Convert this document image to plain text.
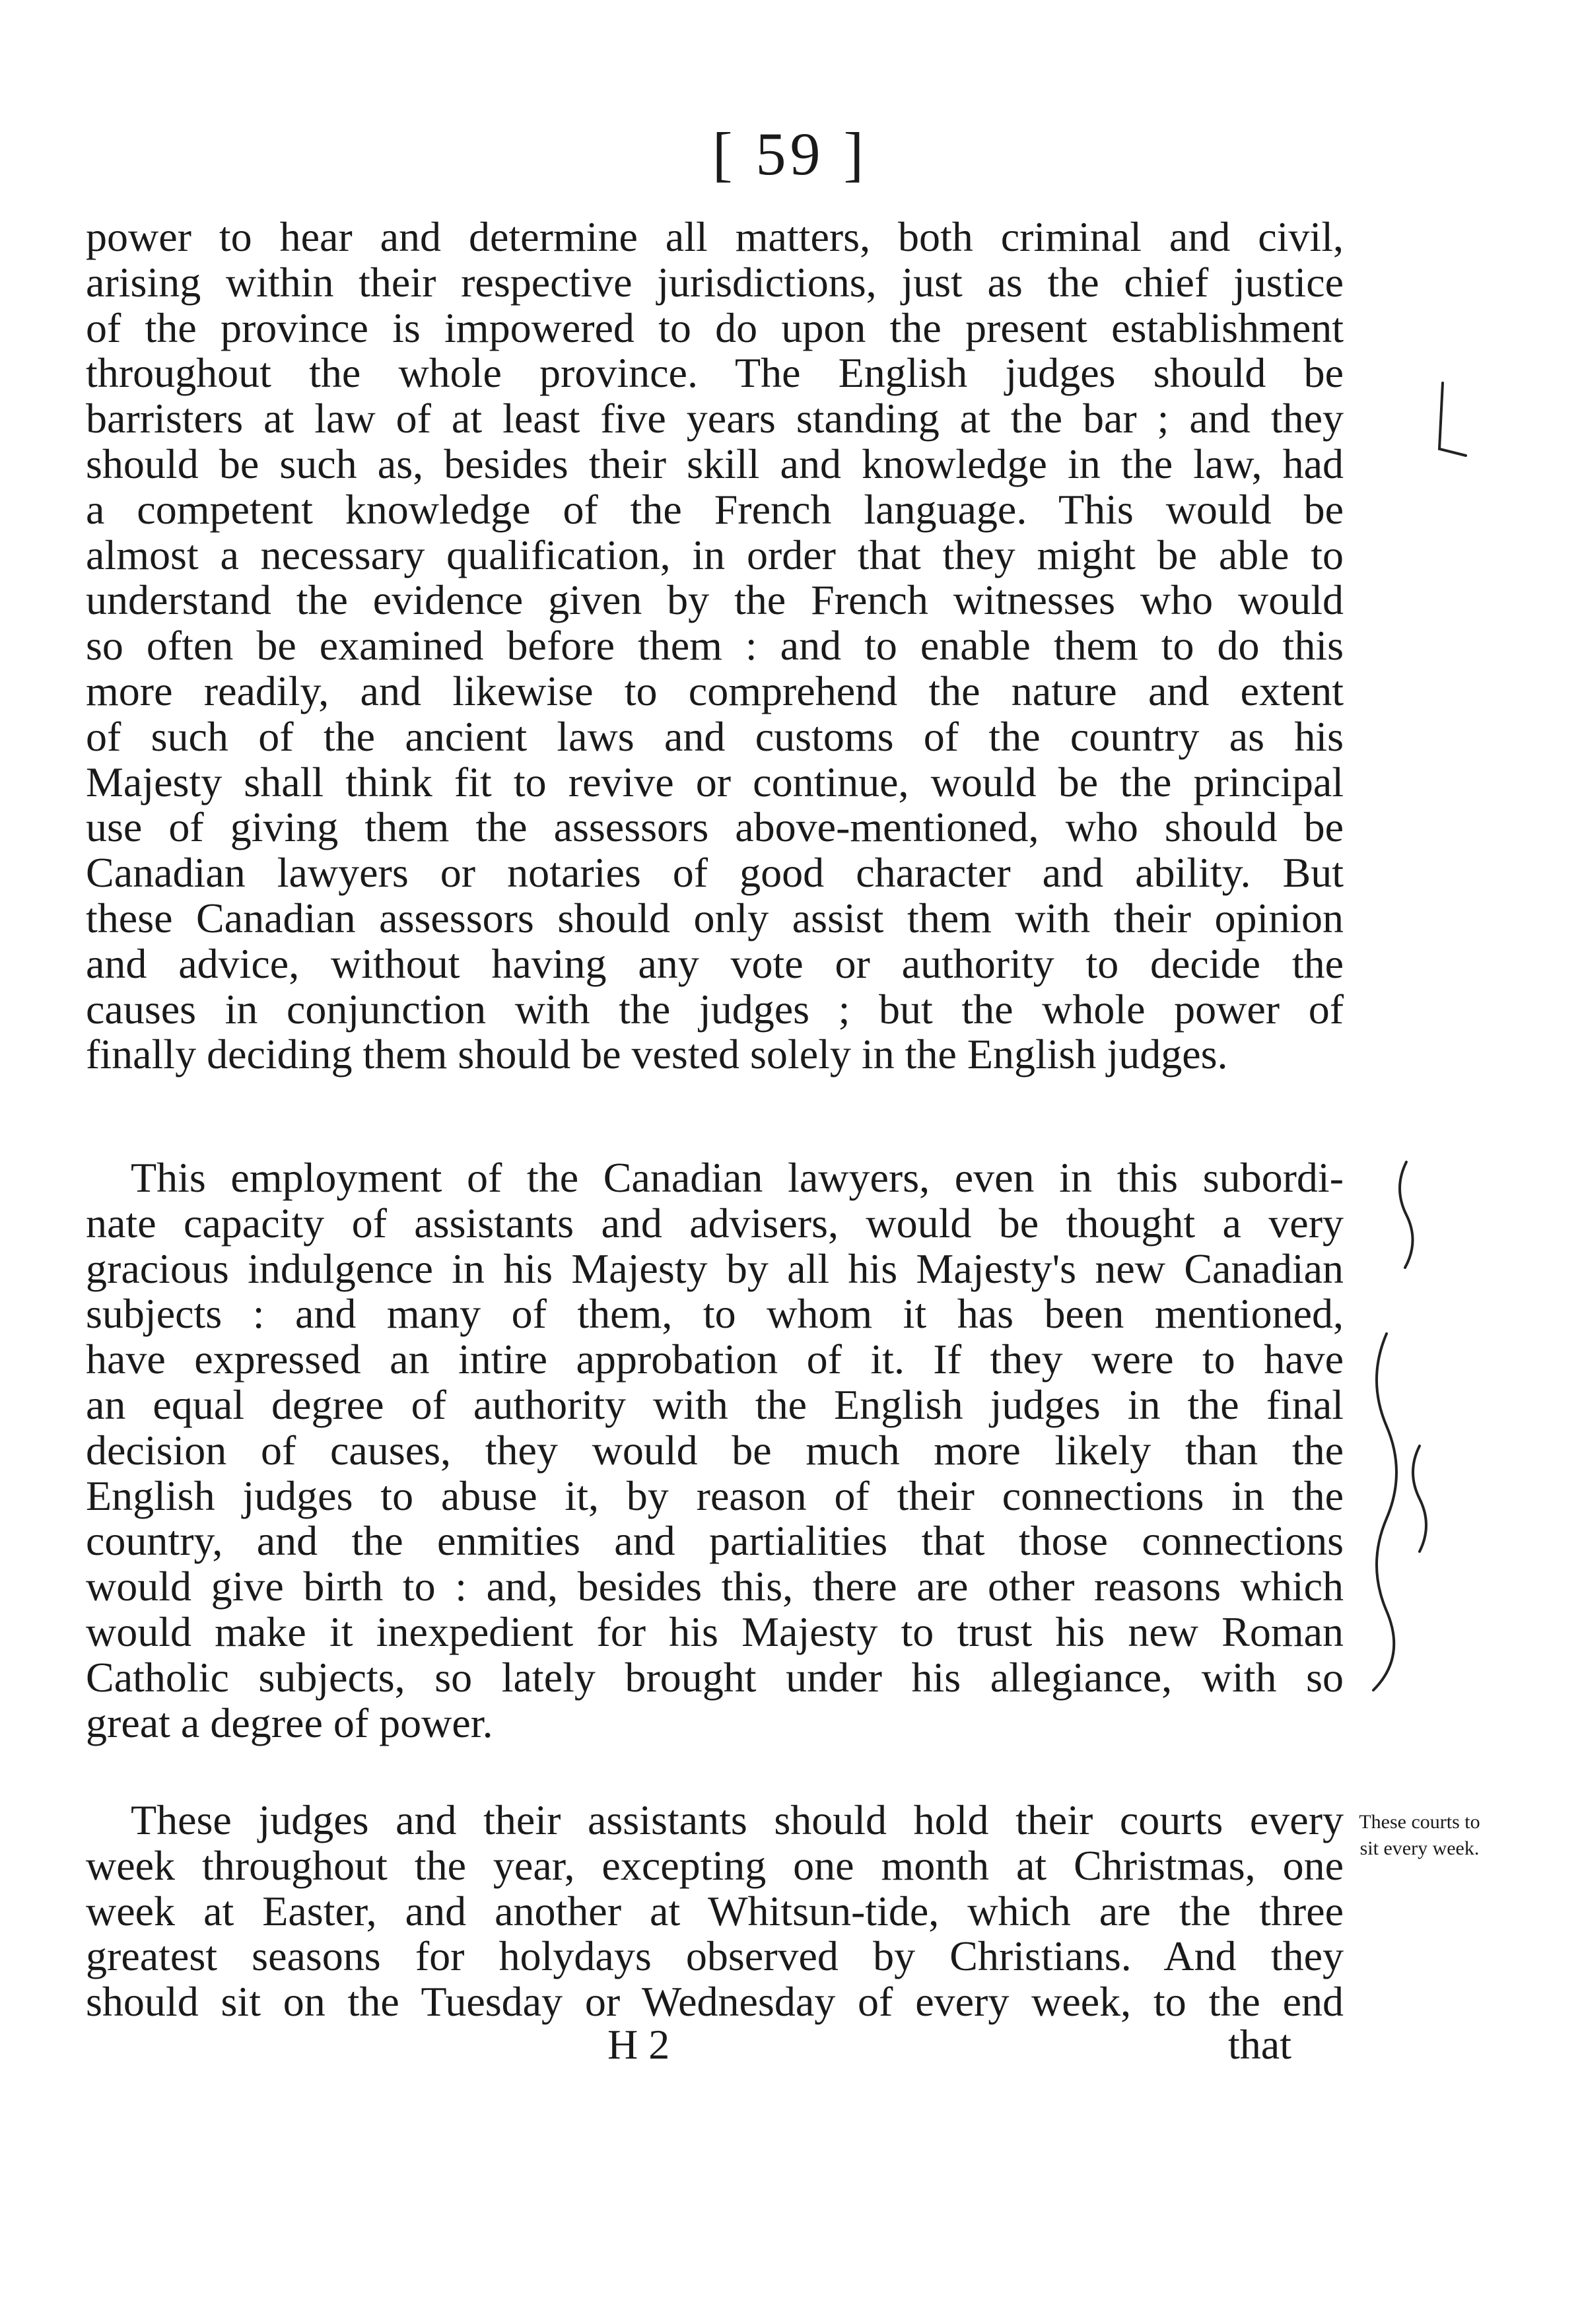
[ 59 ]
power to hear and determine all matters, both criminal and civil,
arising within their respective jurisdictions, just as the chief justice
of the province is impowered to do upon the present establishment
throughout the whole province. The English judges should be
barristers at law of at least five years standing at the bar ; and they
should be such as, besides their skill and knowledge in the law, had
a competent knowledge of the French language. This would be
almost a necessary qualification, in order that they might be able to
understand the evidence given by the French witnesses who would
so often be examined before them : and to enable them to do this
more readily, and likewise to comprehend the nature and extent
of such of the ancient laws and customs of the country as his
Majesty shall think fit to revive or continue, would be the principal
use of giving them the assessors above-mentioned, who should be
Canadian lawyers or notaries of good character and ability. But
these Canadian assessors should only assist them with their opinion
and advice, without having any vote or authority to decide the
causes in conjunction with the judges ; but the whole power of
finally deciding them should be vested solely in the English judges.
This employment of the Canadian lawyers, even in this subordi-
nate capacity of assistants and advisers, would be thought a very
gracious indulgence in his Majesty by all his Majesty's new Canadian
subjects : and many of them, to whom it has been mentioned,
have expressed an intire approbation of it. If they were to have
an equal degree of authority with the English judges in the final
decision of causes, they would be much more likely than the
English judges to abuse it, by reason of their connections in the
country, and the enmities and partialities that those connections
would give birth to : and, besides this, there are other reasons which
would make it inexpedient for his Majesty to trust his new Roman
Catholic subjects, so lately brought under his allegiance, with so
great a degree of power.
These judges and their assistants should hold their courts every
week throughout the year, excepting one month at Christmas, one
week at Easter, and another at Whitsun-tide, which are the three
greatest seasons for holydays observed by Christians. And they
should sit on the Tuesday or Wednesday of every week, to the end
These courts to
sit every week.
H 2	that
